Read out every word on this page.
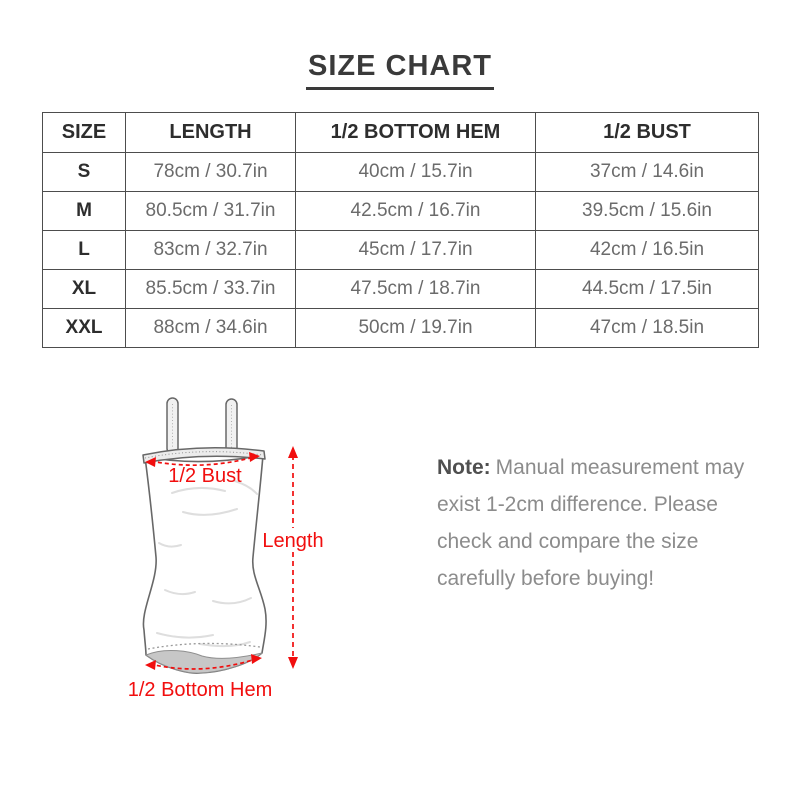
SIZE CHART
SIZE	LENGTH	1/2 BOTTOM HEM	1/2 BUST
S	78cm / 30.7in	40cm / 15.7in	37cm / 14.6in
M	80.5cm / 31.7in	42.5cm / 16.7in	39.5cm / 15.6in
L	83cm / 32.7in	45cm / 17.7in	42cm / 16.5in
XL	85.5cm / 33.7in	47.5cm / 18.7in	44.5cm / 17.5in
XXL	88cm / 34.6in	50cm / 19.7in	47cm / 18.5in
1/2 Bust
Length
1/2 Bottom Hem
Note: Manual measurement may exist 1-2cm difference. Please check and compare the size carefully before buying!
